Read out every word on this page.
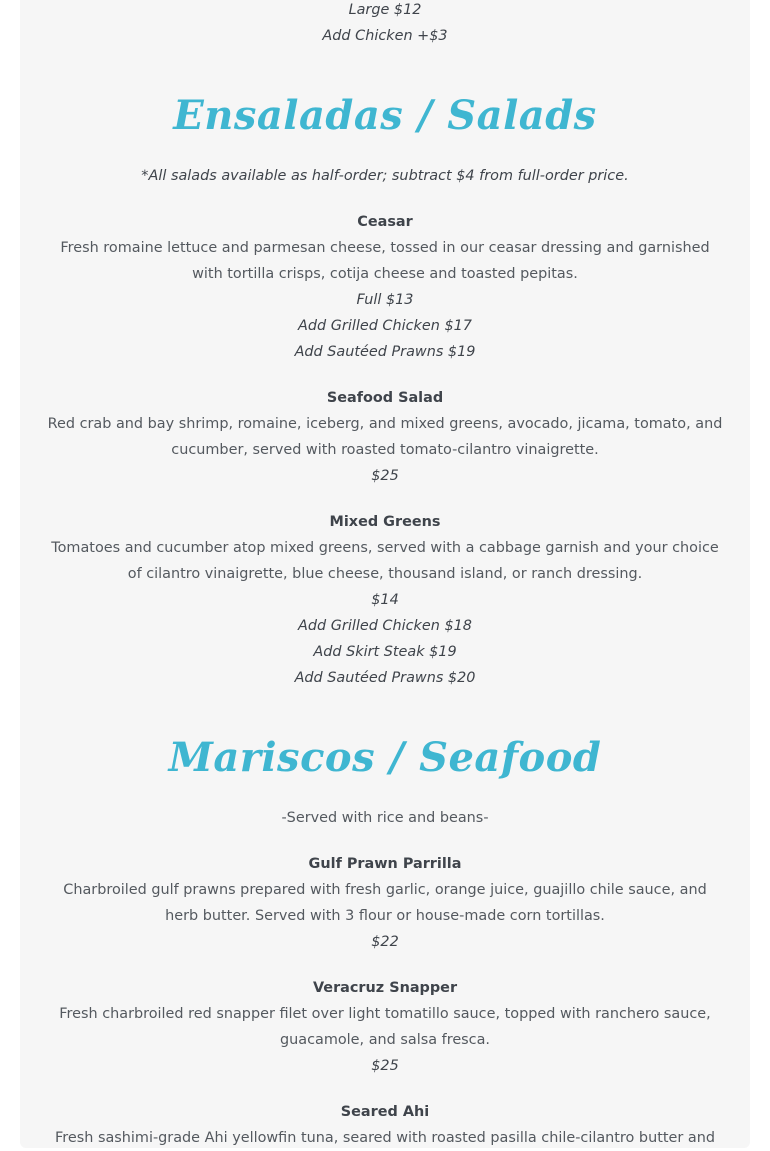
Large $12
Add Chicken +$3
Ensaladas / Salads
*All salads available as half-order; subtract $4 from full-order price.
Ceasar
Fresh romaine lettuce and parmesan cheese, tossed in our ceasar dressing and garnished
with tortilla crisps, cotija cheese and toasted pepitas.
Full $13
Add Grilled Chicken $17
Add Sautéed Prawns $19
Seafood Salad
Red crab and bay shrimp, romaine, iceberg, and mixed greens, avocado, jicama, tomato, and
cucumber, served with roasted tomato-cilantro vinaigrette.
$25
Mixed Greens
Tomatoes and cucumber atop mixed greens, served with a cabbage garnish and your choice
of cilantro vinaigrette, blue cheese, thousand island, or ranch dressing.
$14
Add Grilled Chicken $18
Add Skirt Steak $19
Add Sautéed Prawns $20
Mariscos / Seafood
-Served with rice and beans-
Gulf Prawn Parrilla
Charbroiled gulf prawns prepared with fresh garlic, orange juice, guajillo chile sauce, and
herb butter. Served with 3 flour or house-made corn tortillas.
$22
Veracruz Snapper
Fresh charbroiled red snapper filet over light tomatillo sauce, topped with ranchero sauce,
guacamole, and salsa fresca.
$25
Seared Ahi
Fresh sashimi-grade Ahi yellowfin tuna, seared with roasted pasilla chile-cilantro butter and
